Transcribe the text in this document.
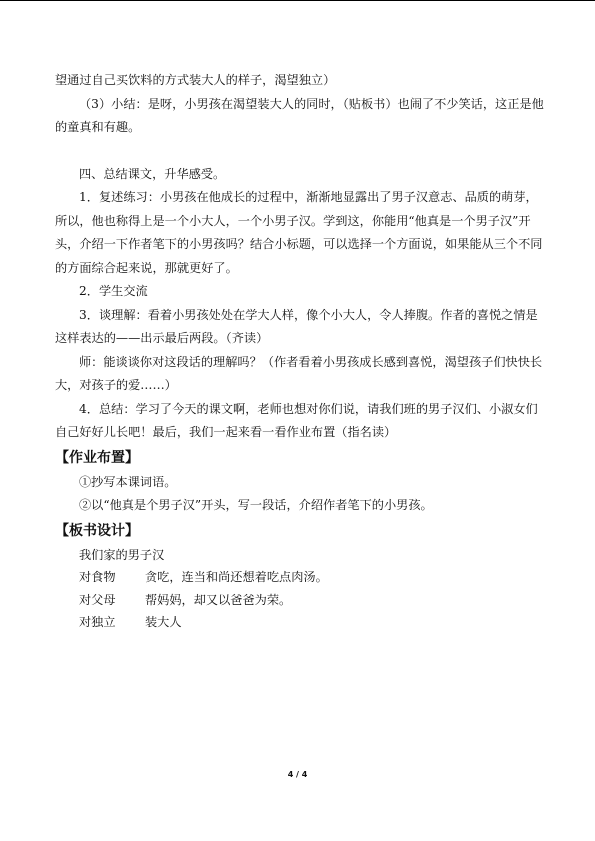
望通过自己买饮料的方式装大人的样子，渴望独立）

（3）小结：是呀，小男孩在渴望装大人的同时，（贴板书）也闹了不少笑话，这正是他的童真和有趣。

四、总结课文，升华感受。

1．复述练习：小男孩在他成长的过程中，渐渐地显露出了男子汉意志、品质的萌芽，所以，他也称得上是一个小大人，一个小男子汉。学到这，你能用“他真是一个男子汉”开头，介绍一下作者笔下的小男孩吗？结合小标题，可以选择一个方面说，如果能从三个不同的方面综合起来说，那就更好了。

2．学生交流

3．谈理解：看着小男孩处处在学大人样，像个小大人，令人捧腹。作者的喜悦之情是这样表达的——出示最后两段。（齐读）

师：能谈谈你对这段话的理解吗？（作者看着小男孩成长感到喜悦，渴望孩子们快快长大，对孩子的爱……）

4．总结：学习了今天的课文啊，老师也想对你们说，请我们班的男子汉们、小淑女们自己好好儿长吧！最后，我们一起来看一看作业布置（指名读）

【作业布置】

①抄写本课词语。

②以“他真是个男子汉”开头，写一段话，介绍作者笔下的小男孩。

【板书设计】
我们家的男子汉
对食物	贪吃，连当和尚还想着吃点肉汤。
对父母	帮妈妈，却又以爸爸为荣。
对独立	装大人
4 / 4
